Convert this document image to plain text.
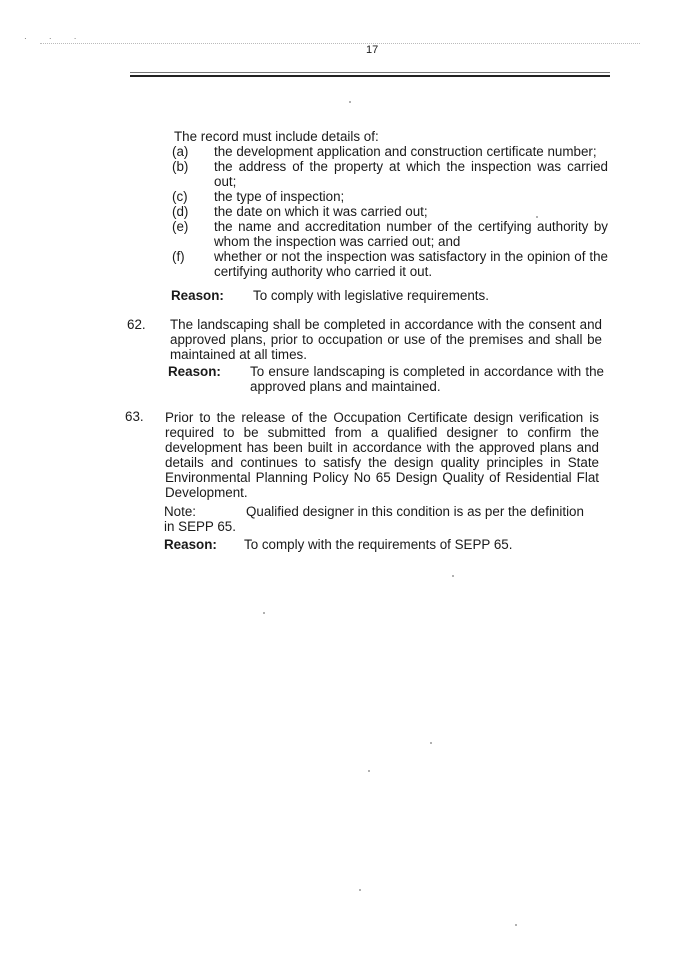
· · ·
17
The record must include details of:
(a)	the development application and construction certificate number;
(b)	the address of the property at which the inspection was carried out;
(c)	the type of inspection;
(d)	the date on which it was carried out;
(e)	the name and accreditation number of the certifying authority by whom the inspection was carried out; and
(f)	whether or not the inspection was satisfactory in the opinion of the certifying authority who carried it out.
Reason:	To comply with legislative requirements.
62. The landscaping shall be completed in accordance with the consent and approved plans, prior to occupation or use of the premises and shall be maintained at all times.
Reason:	To ensure landscaping is completed in accordance with the approved plans and maintained.
63. Prior to the release of the Occupation Certificate design verification is required to be submitted from a qualified designer to confirm the development has been built in accordance with the approved plans and details and continues to satisfy the design quality principles in State Environmental Planning Policy No 65 Design Quality of Residential Flat Development.
Note:	Qualified designer in this condition is as per the definition
in SEPP 65.
Reason:	To comply with the requirements of SEPP 65.
